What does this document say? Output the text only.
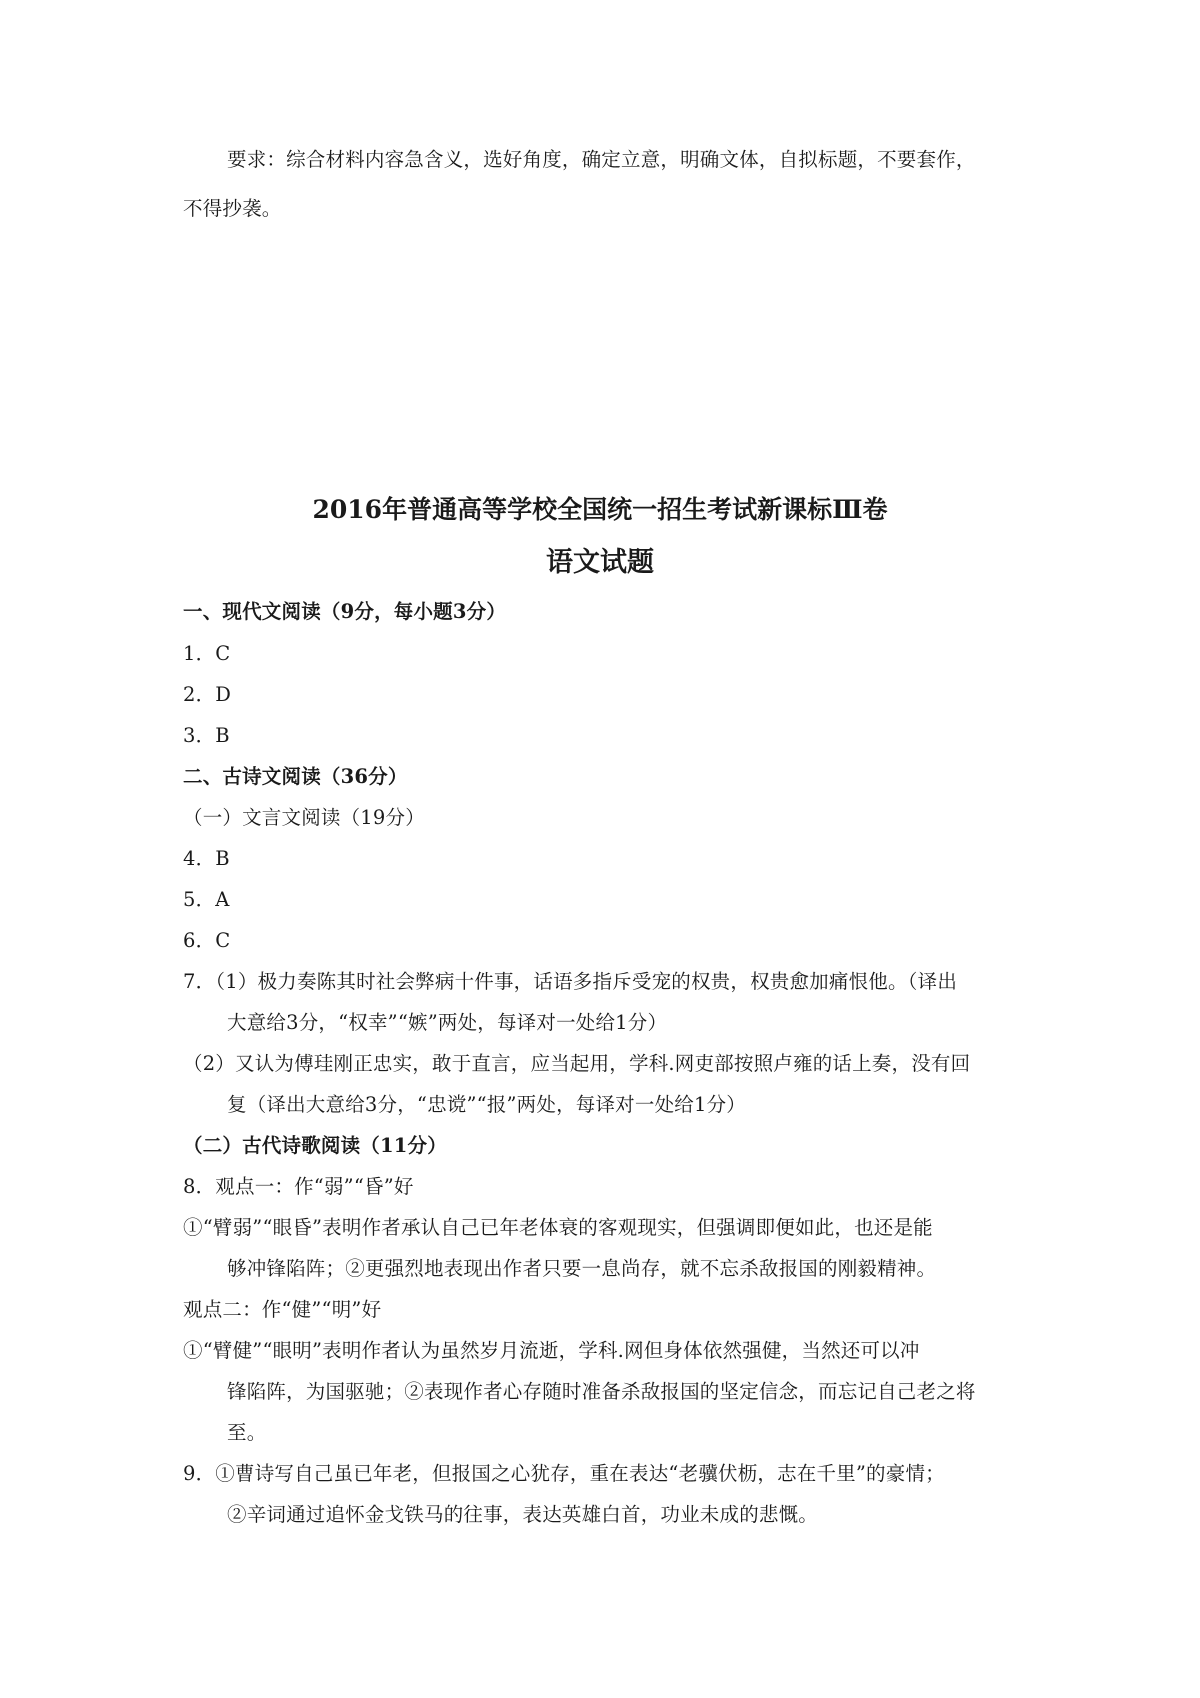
要求：综合材料内容急含义，选好角度，确定立意，明确文体，自拟标题，不要套作，
不得抄袭。
2016年普通高等学校全国统一招生考试新课标Ⅲ卷
语文试题
一、现代文阅读（9分，每小题3分）
1．C
2．D
3．B
二、古诗文阅读（36分）
（一）文言文阅读（19分）
4．B
5．A
6．C
7．（1）极力奏陈其时社会弊病十件事，话语多指斥受宠的权贵，权贵愈加痛恨他。（译出
大意给3分，“权幸”“嫉”两处，每译对一处给1分）
（2）又认为傅珪刚正忠实，敢于直言，应当起用，学科.网吏部按照卢雍的话上奏，没有回
复（译出大意给3分，“忠谠”“报”两处，每译对一处给1分）
（二）古代诗歌阅读（11分）
8．观点一：作“弱”“昏”好
①“臂弱”“眼昏”表明作者承认自己已年老体衰的客观现实，但强调即便如此，也还是能
够冲锋陷阵；②更强烈地表现出作者只要一息尚存，就不忘杀敌报国的刚毅精神。
观点二：作“健”“明”好
①“臂健”“眼明”表明作者认为虽然岁月流逝，学科.网但身体依然强健，当然还可以冲
锋陷阵，为国驱驰；②表现作者心存随时准备杀敌报国的坚定信念，而忘记自己老之将
至。
9．①曹诗写自己虽已年老，但报国之心犹存，重在表达“老骥伏枥，志在千里”的豪情；
②辛词通过追怀金戈铁马的往事，表达英雄白首，功业未成的悲慨。
